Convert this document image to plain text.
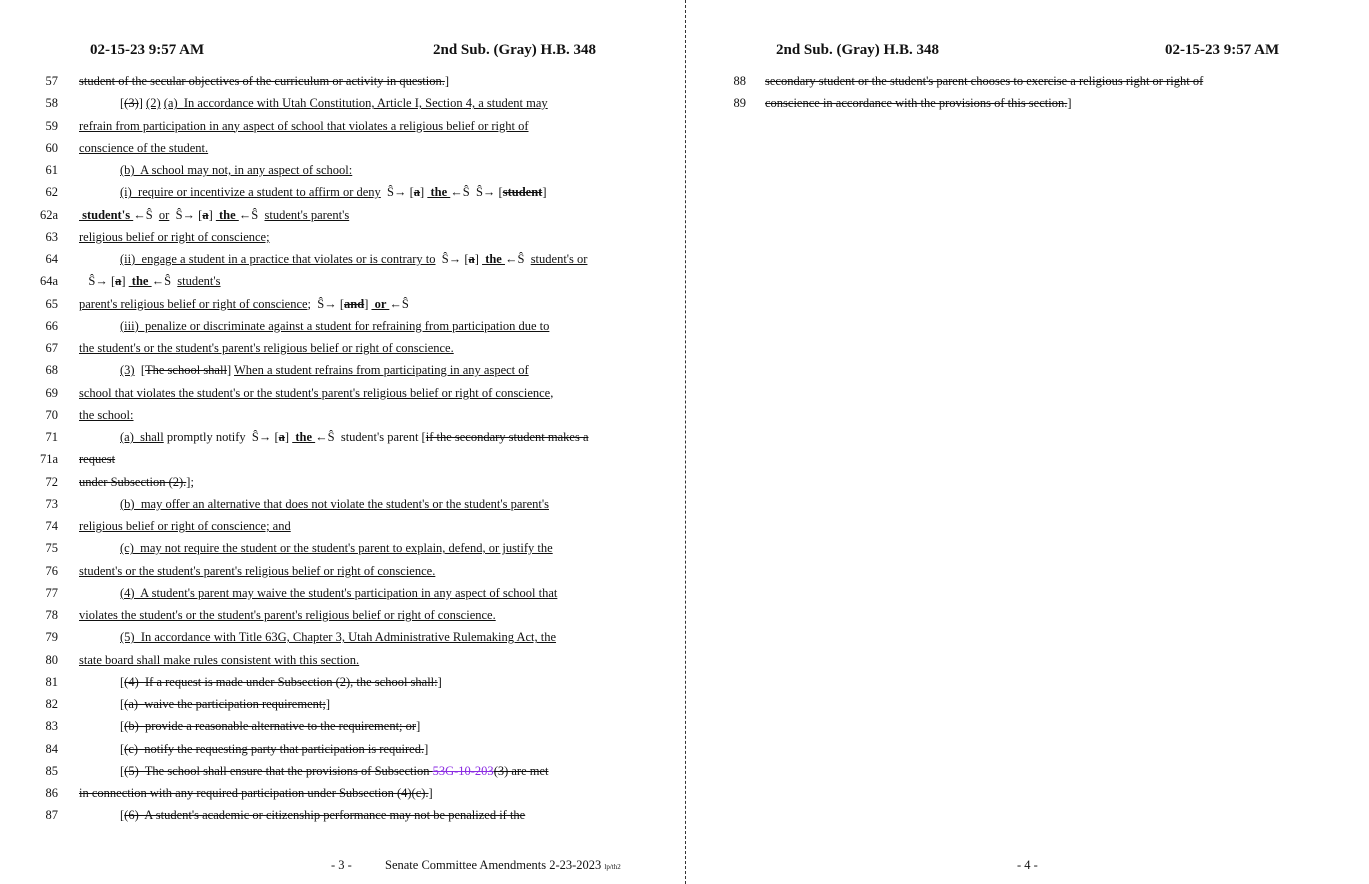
02-15-23 9:57 AM	2nd Sub. (Gray) H.B. 348
57 student of the secular objectives of the curriculum or activity in question.]
58	[(3)] (2) (a)  In accordance with Utah Constitution, Article I, Section 4, a student may
59 refrain from participation in any aspect of school that violates a religious belief or right of
60 conscience of the student.
61	(b)  A school may not, in any aspect of school:
62	(i)  require or incentivize a student to affirm or deny  Ŝ→ [a]  the ←Ŝ  Ŝ→ [student]
62a student's ←Ŝ  or  Ŝ→ [a]  the ←Ŝ  student's parent's
63 religious belief or right of conscience;
64	(ii)  engage a student in a practice that violates or is contrary to  Ŝ→ [a]  the ←Ŝ  student's or
64a Ŝ→ [a]  the ←Ŝ  student's
65 parent's religious belief or right of conscience;  Ŝ→ [and]  or ←Ŝ
66	(iii)  penalize or discriminate against a student for refraining from participation due to
67 the student's or the student's parent's religious belief or right of conscience.
68	(3)  [The school shall] When a student refrains from participating in any aspect of
69 school that violates the student's or the student's parent's religious belief or right of conscience,
70 the school:
71	(a)  shall promptly notify  Ŝ→ [a]  the ←Ŝ  student's parent [if the secondary student makes a
71a request
72 under Subsection (2).];
73	(b)  may offer an alternative that does not violate the student's or the student's parent's
74 religious belief or right of conscience; and
75	(c)  may not require the student or the student's parent to explain, defend, or justify the
76 student's or the student's parent's religious belief or right of conscience.
77	(4)  A student's parent may waive the student's participation in any aspect of school that
78 violates the student's or the student's parent's religious belief or right of conscience.
79	(5)  In accordance with Title 63G, Chapter 3, Utah Administrative Rulemaking Act, the
80 state board shall make rules consistent with this section.
81	[(4)  If a request is made under Subsection (2), the school shall:]
82	[(a)  waive the participation requirement;]
83	[(b)  provide a reasonable alternative to the requirement; or]
84	[(c)  notify the requesting party that participation is required.]
85	[(5)  The school shall ensure that the provisions of Subsection 53G-10-203(3) are met
86 in connection with any required participation under Subsection (4)(c).]
87	[(6)  A student's academic or citizenship performance may not be penalized if the
- 3 -	Senate Committee Amendments 2-23-2023 lp/th2
2nd Sub. (Gray) H.B. 348	02-15-23 9:57 AM
88 secondary student or the student's parent chooses to exercise a religious right or right of
89 conscience in accordance with the provisions of this section.]
- 4 -
